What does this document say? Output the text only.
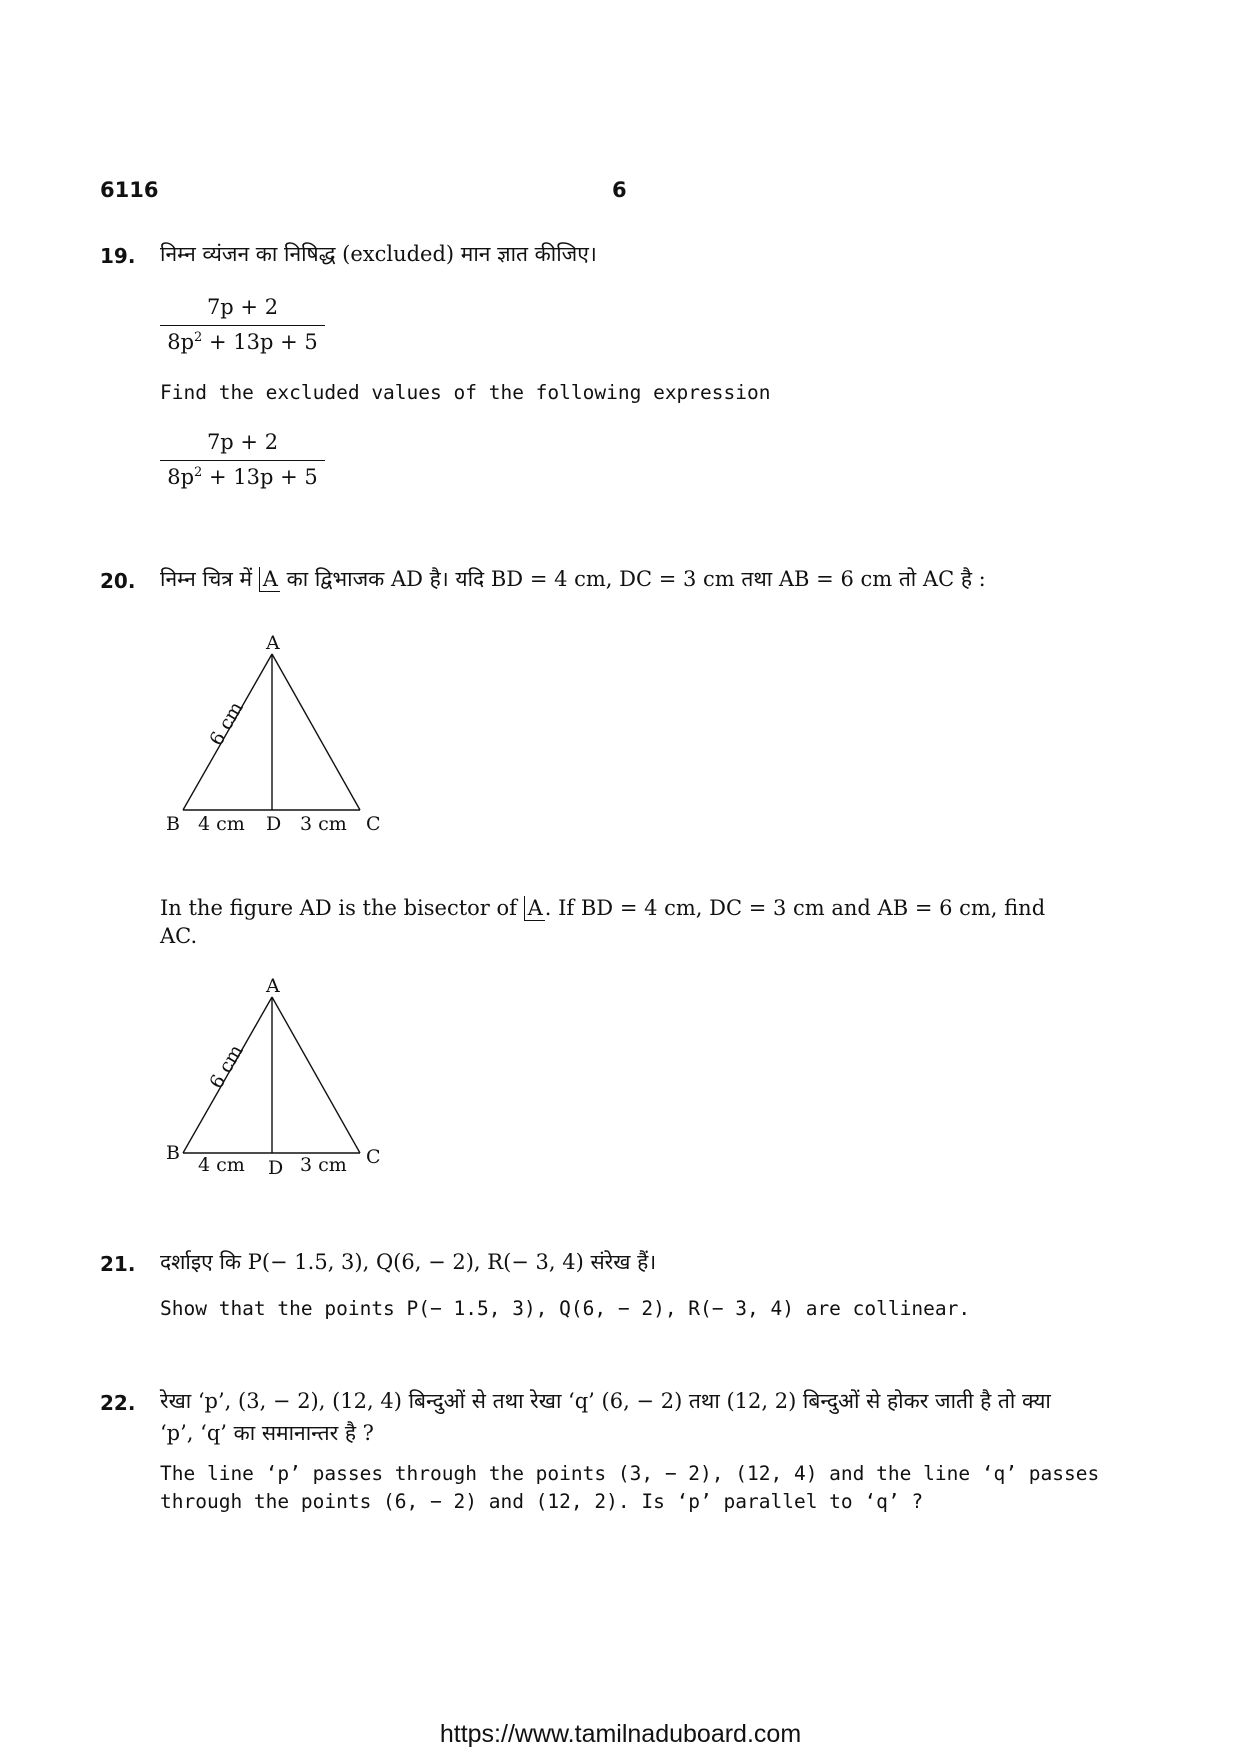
6116	6
19. निम्न व्यंजन का निषिद्ध (excluded) मान ज्ञात कीजिए।
$\frac{7p + 2}{8p^2 + 13p + 5}$
Find the excluded values of the following expression
$\frac{7p + 2}{8p^2 + 13p + 5}$
20. निम्न चित्र में A का द्विभाजक AD है। यदि BD = 4 cm, DC = 3 cm तथा AB = 6 cm तो AC है :
A
B	D	C
4 cm	3 cm
6 cm
In the figure AD is the bisector of A. If BD = 4 cm, DC = 3 cm and AB = 6 cm, find
AC.
A
B
D	C
4 cm	3 cm
6 cm
21. दर्शाइए कि P(− 1.5, 3), Q(6, − 2), R(− 3, 4) संरेख हैं।
Show that the points P(− 1.5, 3), Q(6, − 2), R(− 3, 4) are collinear.
22. रेखा ‘p’, (3, − 2), (12, 4) बिन्दुओं से तथा रेखा ‘q’ (6, − 2) तथा (12, 2) बिन्दुओं से होकर जाती है तो क्या
‘p’, ‘q’ का समानान्तर है ?
The line ‘p’ passes through the points (3, − 2), (12, 4) and the line ‘q’ passes
through the points (6, − 2) and (12, 2). Is ‘p’ parallel to ‘q’ ?
https://www.tamilnaduboard.com
